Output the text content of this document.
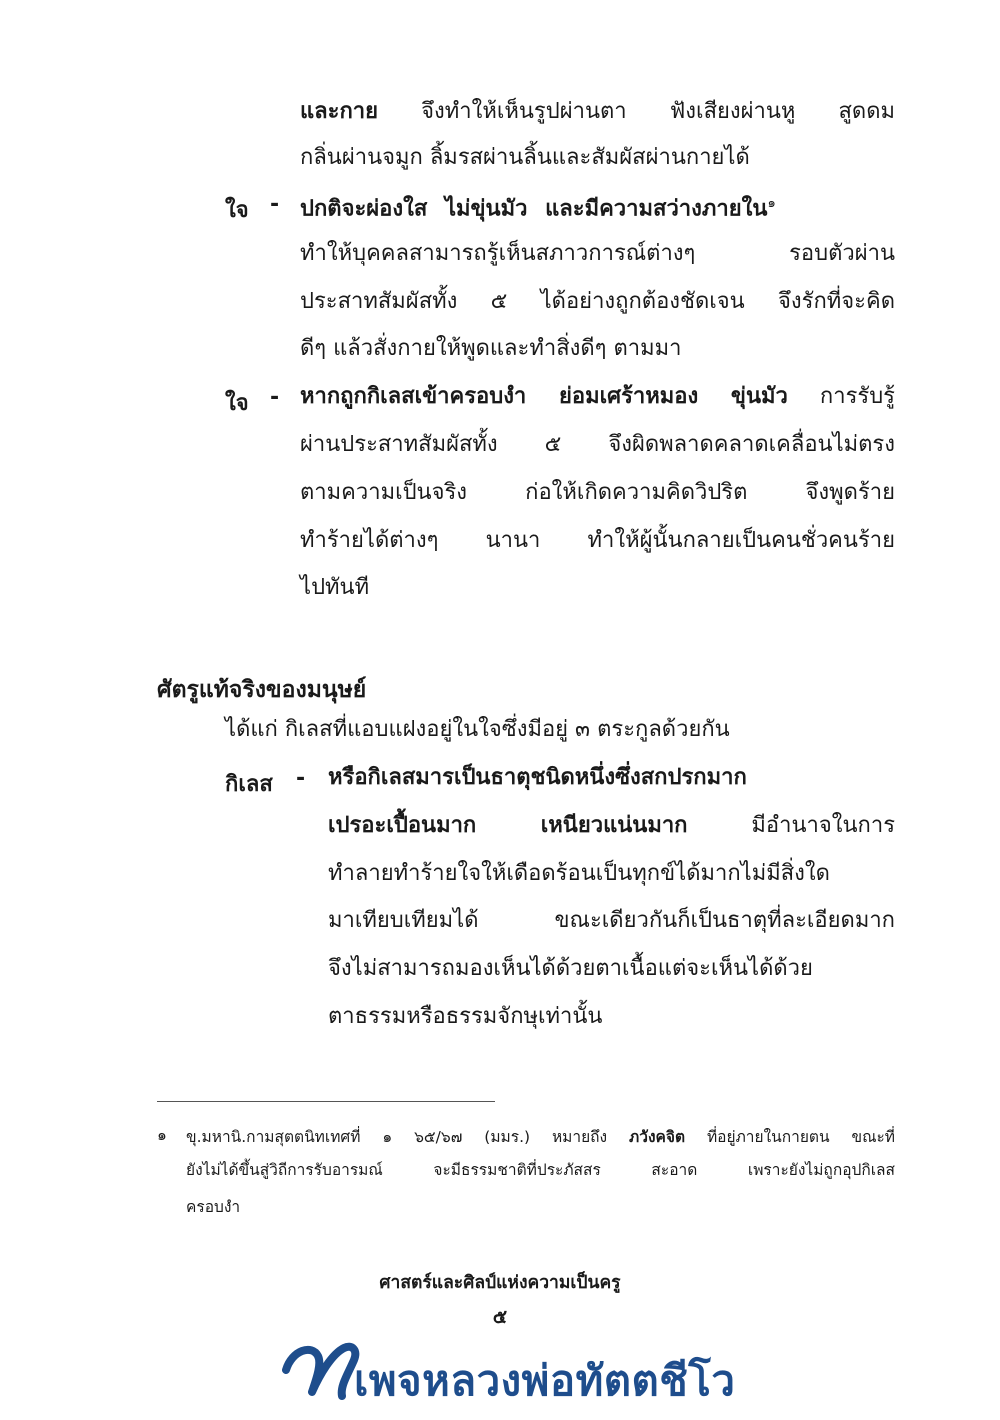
และกาย จึงทำให้เห็นรูปผ่านตา ฟังเสียงผ่านหู สูดดม
กลิ่นผ่านจมูก ลิ้มรสผ่านลิ้นและสัมผัสผ่านกายได้
ใจ - ปกติจะผ่องใส ไม่ขุ่นมัว และมีความสว่างภายใน$^๑$
ทำให้บุคคลสามารถรู้เห็นสภาวการณ์ต่างๆ รอบตัวผ่าน
ประสาทสัมผัสทั้ง ๕ ได้อย่างถูกต้องชัดเจน จึงรักที่จะคิด
ดีๆ แล้วสั่งกายให้พูดและทำสิ่งดีๆ ตามมา
ใจ - หากถูกกิเลสเข้าครอบงำ ย่อมเศร้าหมอง ขุ่นมัว การรับรู้
ผ่านประสาทสัมผัสทั้ง ๕ จึงผิดพลาดคลาดเคลื่อนไม่ตรง
ตามความเป็นจริง ก่อให้เกิดความคิดวิปริต จึงพูดร้าย
ทำร้ายได้ต่างๆ นานา ทำให้ผู้นั้นกลายเป็นคนชั่วคนร้าย
ไปทันที
ศัตรูแท้จริงของมนุษย์
ได้แก่ กิเลสที่แอบแฝงอยู่ในใจซึ่งมีอยู่ ๓ ตระกูลด้วยกัน
กิเลส - หรือกิเลสมารเป็นธาตุชนิดหนึ่งซึ่งสกปรกมาก
เปรอะเปื้อนมาก เหนียวแน่นมาก	มีอำนาจในการ
ทำลายทำร้ายใจให้เดือดร้อนเป็นทุกข์ได้มากไม่มีสิ่งใด
มาเทียบเทียมได้ ขณะเดียวกันก็เป็นธาตุที่ละเอียดมาก
จึงไม่สามารถมองเห็นได้ด้วยตาเนื้อแต่จะเห็นได้ด้วย
ตาธรรมหรือธรรมจักษุเท่านั้น
๑ ขุ.มหานิ.กามสุตตนิทเทศที่ ๑ ๖๕/๖๗ (มมร.) หมายถึง ภวังคจิต ที่อยู่ภายในกายตน ขณะที่
ยังไม่ได้ขึ้นสู่วิถีการรับอารมณ์ จะมีธรรมชาติที่ประภัสสร สะอาด เพราะยังไม่ถูกอุปกิเลส
ครอบงำ
ศาสตร์และศิลป์แห่งความเป็นครู
๕
เพจหลวงพ่อทัตตชีโว
